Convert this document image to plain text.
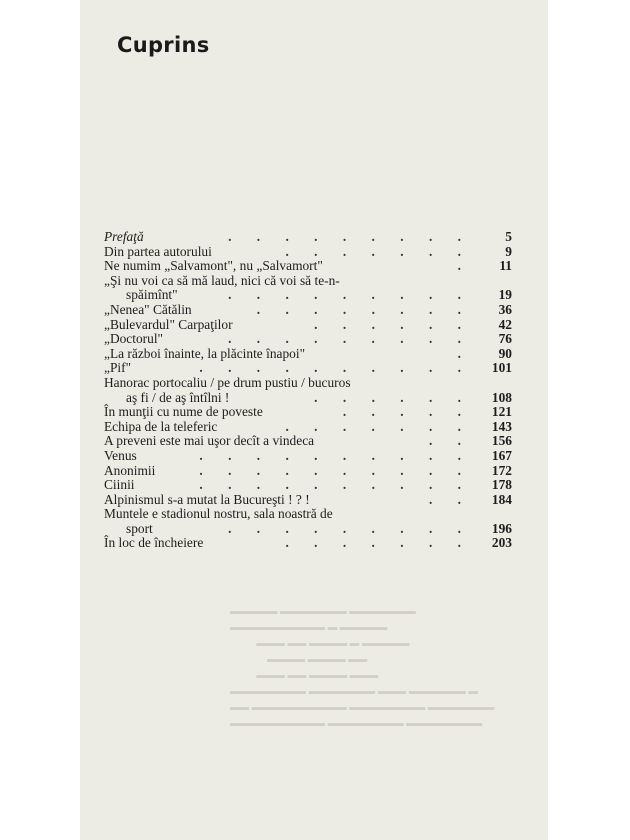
Cuprins
Prefaţă	. . . . . . . . . 5
Din partea autorului	. . . . . . . 9
Ne numim „Salvamont", nu „Salvamort"	. 11
„Şi nu voi ca să mă laud, nici că voi să te-n-
spăimînt"	. . . . . . . . . 19
„Nenea" Cătălin	. . . . . . . . 36
„Bulevardul" Carpaţilor	. . . . . . 42
„Doctorul"	. . . . . . . . . 76
„La război înainte, la plăcinte înapoi"	. 90
„Pif"	. . . . . . . . . . 101
Hanorac portocaliu / pe drum pustiu / bucuros
aş fi / de aş întîlni !	. . . . . . 108
În munţii cu nume de poveste	. . . . . 121
Echipa de la teleferic	. . . . . . . 143
A preveni este mai uşor decît a vindeca	. . 156
Venus	. . . . . . . . . . 167
Anonimii	. . . . . . . . . . 172
Ciinii	. . . . . . . . . . 178
Alpinismul s-a mutat la Bucureşti ! ? !	. . 184
Muntele e stadionul nostru, sala noastră de
sport	. . . . . . . . . 196
În loc de încheiere	. . . . . . . 203
▬▬▬▬▬ ▬▬▬▬▬▬▬ ▬▬▬▬▬▬▬
▬▬▬▬▬▬▬▬▬▬ ▬ ▬▬▬▬▬
▬▬▬ ▬▬ ▬▬▬▬ ▬ ▬▬▬▬▬
▬▬▬▬ ▬▬▬▬ ▬▬
▬▬▬ ▬▬ ▬▬▬▬ ▬▬▬
▬▬▬▬▬▬▬▬ ▬▬▬▬▬▬▬ ▬▬▬ ▬▬▬▬▬▬ ▬
▬▬ ▬▬▬▬▬▬▬▬▬▬ ▬▬▬▬▬▬▬▬ ▬▬▬▬▬▬▬
▬▬▬▬▬▬▬▬▬▬ ▬▬▬▬▬▬▬▬ ▬▬▬▬▬▬▬▬
